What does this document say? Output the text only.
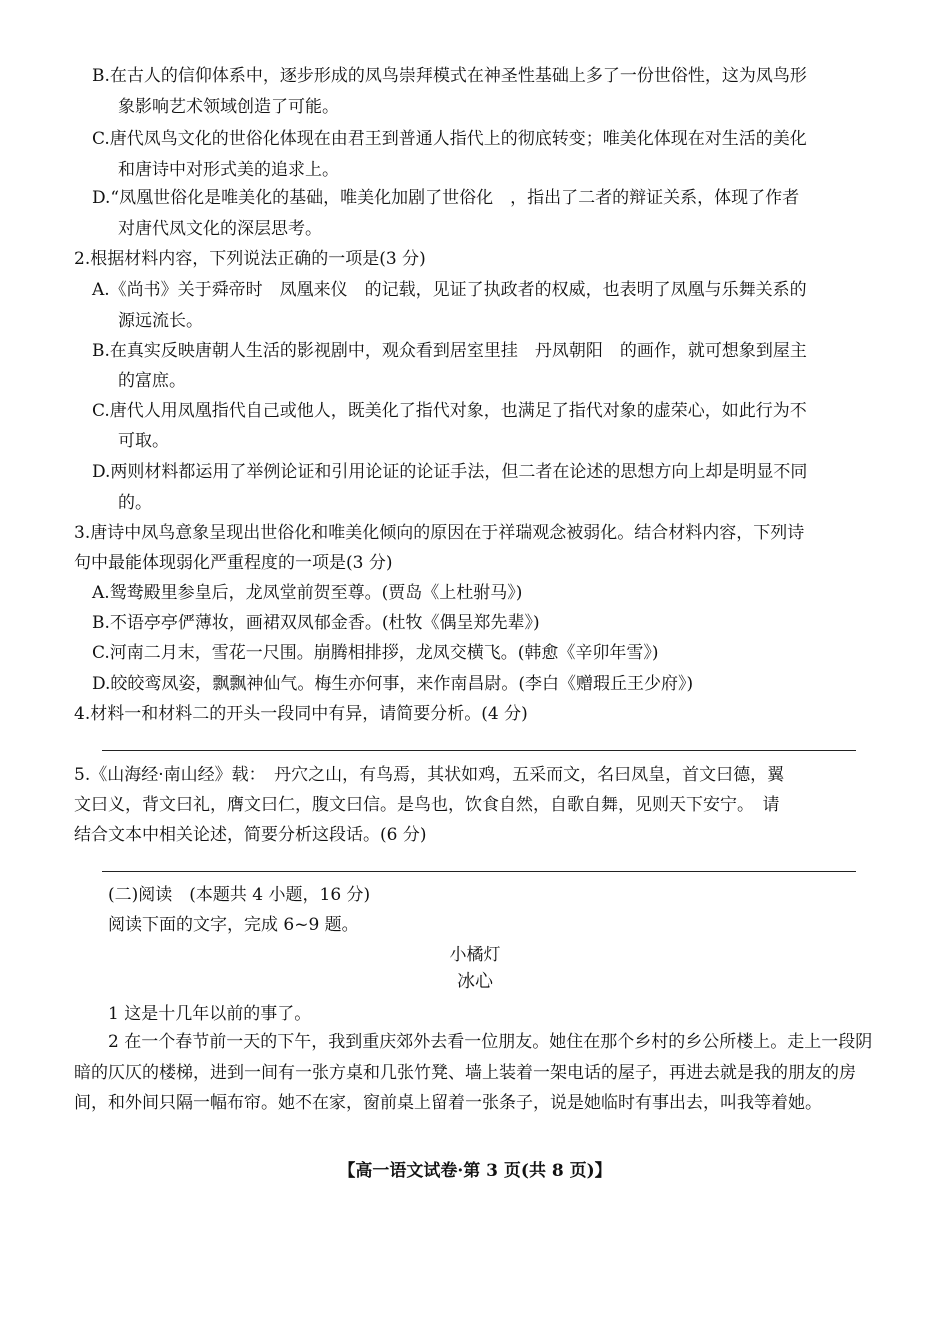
B.在古人的信仰体系中，逐步形成的凤鸟崇拜模式在神圣性基础上多了一份世俗性，这为凤鸟形
象影响艺术领域创造了可能。
C.唐代凤鸟文化的世俗化体现在由君王到普通人指代上的彻底转变；唯美化体现在对生活的美化
和唐诗中对形式美的追求上。
D.“凤凰世俗化是唯美化的基础，唯美化加剧了世俗化　，指出了二者的辩证关系，体现了作者
对唐代凤文化的深层思考。
2.根据材料内容，下列说法正确的一项是(3 分)
A.《尚书》关于舜帝时　凤凰来仪　的记载，见证了执政者的权威，也表明了凤凰与乐舞关系的
源远流长。
B.在真实反映唐朝人生活的影视剧中，观众看到居室里挂　丹凤朝阳　的画作，就可想象到屋主
的富庶。
C.唐代人用凤凰指代自己或他人，既美化了指代对象，也满足了指代对象的虚荣心，如此行为不
可取。
D.两则材料都运用了举例论证和引用论证的论证手法，但二者在论述的思想方向上却是明显不同
的。
3.唐诗中凤鸟意象呈现出世俗化和唯美化倾向的原因在于祥瑞观念被弱化。结合材料内容，下列诗
句中最能体现弱化严重程度的一项是(3 分)
A.鸳鸯殿里参皇后，龙凤堂前贺至尊。(贾岛《上杜驸马》)
B.不语亭亭俨薄妆，画裙双凤郁金香。(杜牧《偶呈郑先辈》)
C.河南二月末，雪花一尺围。崩腾相排拶，龙凤交横飞。(韩愈《辛卯年雪》)
D.皎皎鸾凤姿，飘飘神仙气。梅生亦何事，来作南昌尉。(李白《赠瑕丘王少府》)
4.材料一和材料二的开头一段同中有异，请简要分析。(4 分)
5.《山海经·南山经》载：　丹穴之山，有鸟焉，其状如鸡，五采而文，名曰凤皇，首文曰德，翼
文曰义，背文曰礼，膺文曰仁，腹文曰信。是鸟也，饮食自然，自歌自舞，见则天下安宁。　请
结合文本中相关论述，简要分析这段话。(6 分)
(二)阅读　(本题共 4 小题，16 分)
阅读下面的文字，完成 6~9 题。
小橘灯
冰心
1 这是十几年以前的事了。
2 在一个春节前一天的下午，我到重庆郊外去看一位朋友。她住在那个乡村的乡公所楼上。走上一段阴暗的仄仄的楼梯，进到一间有一张方桌和几张竹凳、墙上装着一架电话的屋子，再进去就是我的朋友的房间，和外间只隔一幅布帘。她不在家，窗前桌上留着一张条子，说是她临时有事出去，叫我等着她。
【高一语文试卷·第 3 页(共 8 页)】
